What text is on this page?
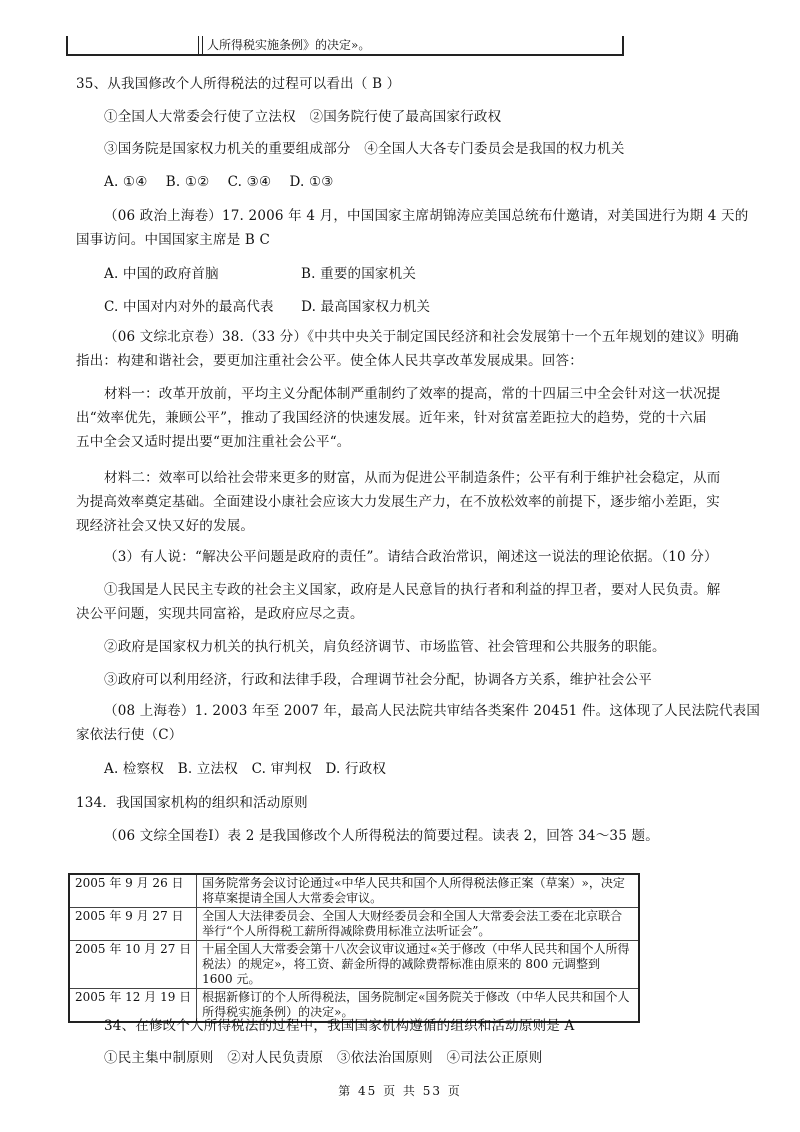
人所得税实施条例》的决定»。
35、从我国修改个人所得税法的过程可以看出（ B ）
①全国人大常委会行使了立法权　②国务院行使了最高国家行政权
③国务院是国家权力机关的重要组成部分　④全国人大各专门委员会是我国的权力机关
A. ①④　 B. ①②　 C. ③④　 D. ①③
（06 政治上海卷）17. 2006 年 4 月，中国国家主席胡锦涛应美国总统布什邀请，对美国进行为期 4 天的
国事访问。中国国家主席是 B C
A. 中国的政府首脑　　　　　　B. 重要的国家机关
C. 中国对内对外的最高代表　　D. 最高国家权力机关
（06 文综北京卷）38.（33 分）《中共中央关于制定国民经济和社会发展第十一个五年规划的建议》明确
指出：构建和谐社会，要更加注重社会公平。使全体人民共享改革发展成果。回答：
材料一：改革开放前，平均主义分配体制严重制约了效率的提高，常的十四届三中全会针对这一状况提
出“效率优先，兼顾公平”，推动了我国经济的快速发展。近年来，针对贫富差距拉大的趋势，党的十六届
五中全会又适时提出要“更加注重社会公平“。
材料二：效率可以给社会带来更多的财富，从而为促进公平制造条件；公平有利于维护社会稳定，从而
为提高效率奠定基础。全面建设小康社会应该大力发展生产力，在不放松效率的前提下，逐步缩小差距，实
现经济社会又快又好的发展。
（3）有人说：“解决公平问题是政府的责任”。请结合政治常识，阐述这一说法的理论依据。（10 分）
①我国是人民民主专政的社会主义国家，政府是人民意旨的执行者和利益的捍卫者，要对人民负责。解
决公平问题，实现共同富裕，是政府应尽之责。
②政府是国家权力机关的执行机关，肩负经济调节、市场监管、社会管理和公共服务的职能。
③政府可以利用经济，行政和法律手段，合理调节社会分配，协调各方关系，维护社会公平
（08 上海卷）1. 2003 年至 2007 年，最高人民法院共审结各类案件 20451 件。这体现了人民法院代表国
家依法行使（C）
A. 检察权　B. 立法权　C. 审判权　D. 行政权
134．我国国家机构的组织和活动原则
（06 文综全国卷Ⅰ）表 2 是我国修改个人所得税法的简要过程。读表 2，回答 34～35 题。
2005 年 9 月 26 日	国务院常务会议讨论通过«中华人民共和国个人所得税法修正案（草案）»，决定将草案提请全国人大常委会审议。
2005 年 9 月 27 日	全国人大法律委员会、全国人大财经委员会和全国人大常委会法工委在北京联合举行“个人所得税工薪所得减除费用标准立法听证会”。
2005 年 10 月 27 日	十届全国人大常委会第十八次会议审议通过«关于修改（中华人民共和国个人所得税法）的规定»，将工资、薪金所得的减除费帮标准由原来的 800 元调整到 1600 元。
2005 年 12 月 19 日	根据新修订的个人所得税法，国务院制定«国务院关于修改（中华人民共和国个人所得税实施条例）的决定»。
34、在修改个人所得税法的过程中，我国国家机构遵循的组织和活动原则是 A
①民主集中制原则　②对人民负责原　③依法治国原则　④司法公正原则
第 45 页 共 53 页
